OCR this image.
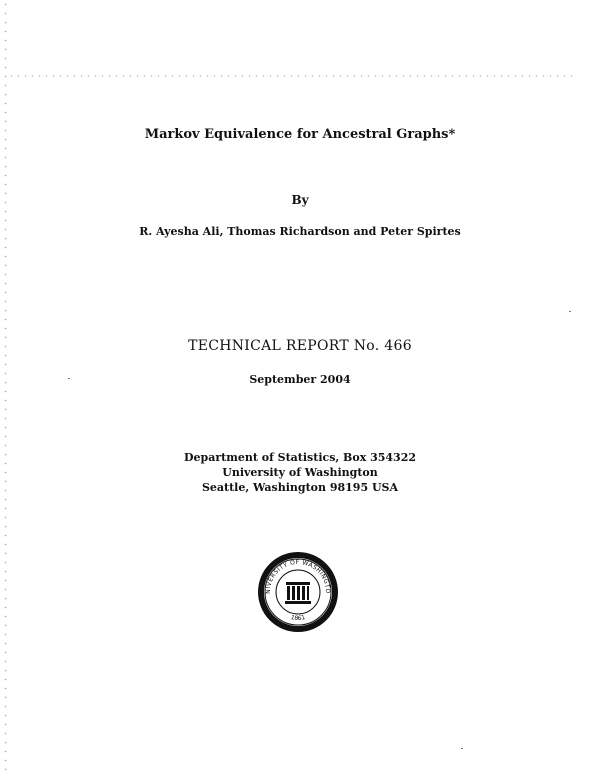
Markov Equivalence for Ancestral Graphs*
By
R. Ayesha Ali, Thomas Richardson and Peter Spirtes
TECHNICAL REPORT No. 466
September 2004
Department of Statistics, Box 354322
University of Washington
Seattle, Washington 98195 USA
NIVERSITY OF WASHINGTO
1861
